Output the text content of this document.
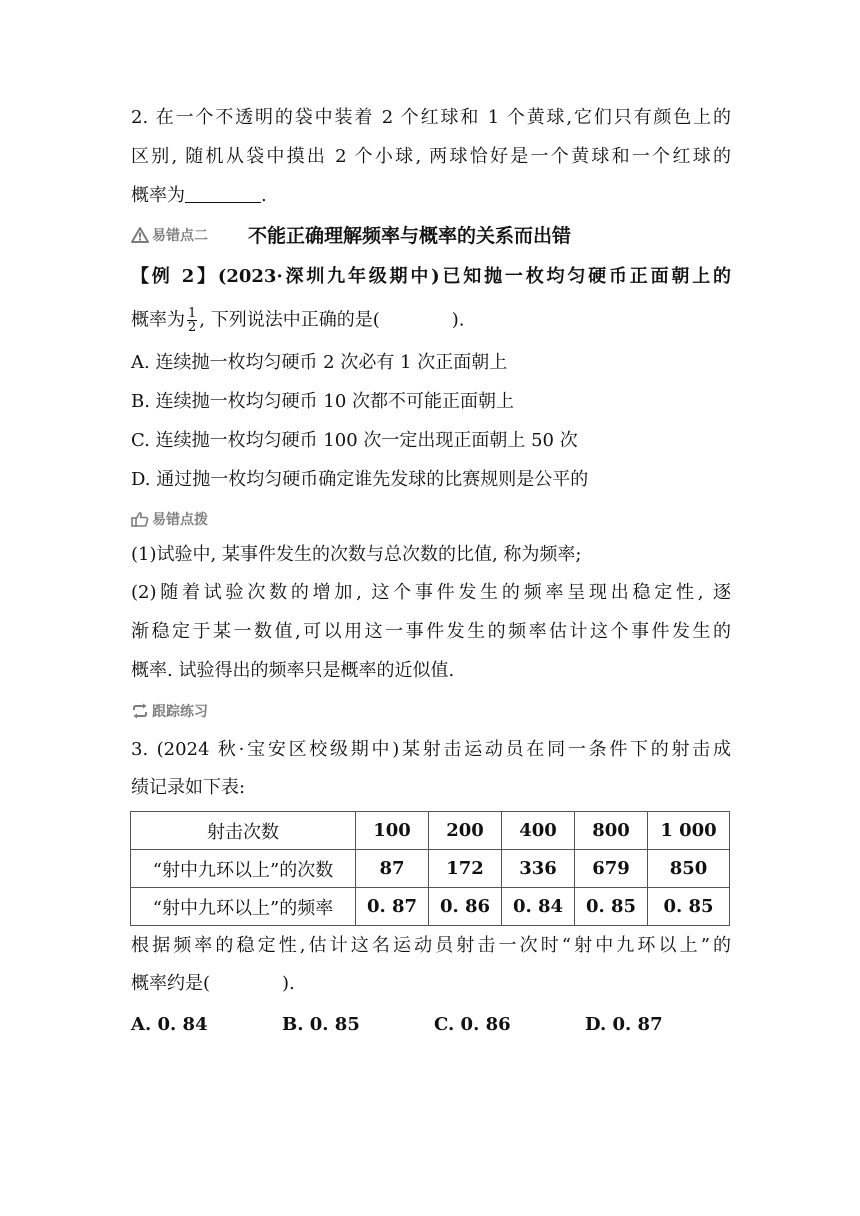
2. 在一个不透明的袋中装着 2 个红球和 1 个黄球,它们只有颜色上的
区别, 随机从袋中摸出 2 个小球, 两球恰好是一个黄球和一个红球的
概率为	.
易错点二 不能正确理解频率与概率的关系而出错
【例 2】(2023·深圳九年级期中)已知抛一枚均匀硬币正面朝上的
概率为 $\frac{1}{2}$ , 下列说法中正确的是(　　　　).
A. 连续抛一枚均匀硬币 2 次必有 1 次正面朝上
B. 连续抛一枚均匀硬币 10 次都不可能正面朝上
C. 连续抛一枚均匀硬币 100 次一定出现正面朝上 50 次
D. 通过抛一枚均匀硬币确定谁先发球的比赛规则是公平的
易错点拨
(1)试验中, 某事件发生的次数与总次数的比值, 称为频率;
(2)随着试验次数的增加, 这个事件发生的频率呈现出稳定性, 逐
渐稳定于某一数值,可以用这一事件发生的频率估计这个事件发生的
概率. 试验得出的频率只是概率的近似值.
跟踪练习
3. (2024 秋·宝安区校级期中)某射击运动员在同一条件下的射击成
绩记录如下表:
射击次数	100	200	400	800	1 000
“射中九环以上”的次数	87	172	336	679	850
“射中九环以上”的频率	0. 87	0. 86	0. 84	0. 85	0. 85
根据频率的稳定性,估计这名运动员射击一次时“射中九环以上”的
概率约是(　　　　).
A. 0. 84	B. 0. 85	C. 0. 86	D. 0. 87
